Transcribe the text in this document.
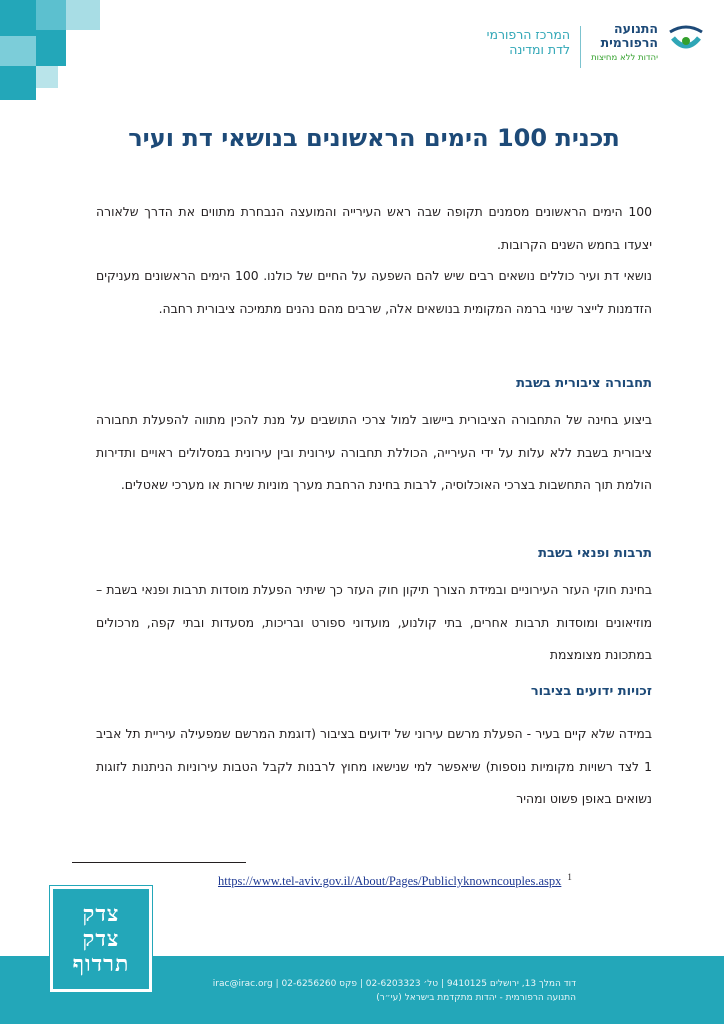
התנועה
הרפורמית
יהדות ללא מחיצות
המרכז הרפורמי
לדת ומדינה
תכנית 100 הימים הראשונים בנושאי דת ועיר

100 הימים הראשונים מסמנים תקופה שבה ראש העירייה והמועצה הנבחרת מתווים את הדרך שלאורה יצעדו בחמש השנים הקרובות.

נושאי דת ועיר כוללים נושאים רבים שיש להם השפעה על החיים של כולנו. 100 הימים הראשונים מעניקים הזדמנות לייצר שינוי ברמה המקומית בנושאים אלה, שרבים מהם נהנים מתמיכה ציבורית רחבה.

תחבורה ציבורית בשבת

ביצוע בחינה של התחבורה הציבורית ביישוב למול צרכי התושבים על מנת להכין מתווה להפעלת תחבורה ציבורית בשבת ללא עלות על ידי העירייה, הכוללת תחבורה עירונית ובין עירונית במסלולים ראויים ותדירות הולמת תוך התחשבות בצרכי האוכלוסיה, לרבות בחינת הרחבת מערך מוניות שירות או מערכי שאטלים.

תרבות ופנאי בשבת

בחינת חוקי העזר העירוניים ובמידת הצורך תיקון חוק העזר כך שיתיר הפעלת מוסדות תרבות ופנאי בשבת – מוזיאונים ומוסדות תרבות אחרים, בתי קולנוע, מועדוני ספורט ובריכות, מסעדות ובתי קפה, מרכולים במתכונת מצומצמת

זכויות ידועים בציבור

במידה שלא קיים בעיר - הפעלת מרשם עירוני של ידועים בציבור (דוגמת המרשם שמפעילה עיריית תל אביב 1 לצד רשויות מקומיות נוספות) שיאפשר למי שנישאו מחוץ לרבנות לקבל הטבות עירוניות הניתנות לזוגות נשואים באופן פשוט ומהיר

https://www.tel-aviv.gov.il/About/Pages/Publiclyknowncouples.aspx $^1$
דוד המלך 13, ירושלים 9410125 | טל׳ 02-6203323 | פקס 02-6256260 | irac@irac.org
התנועה הרפורמית - יהדות מתקדמת בישראל (עי״ר)
צדק
צדק
תרדוף
